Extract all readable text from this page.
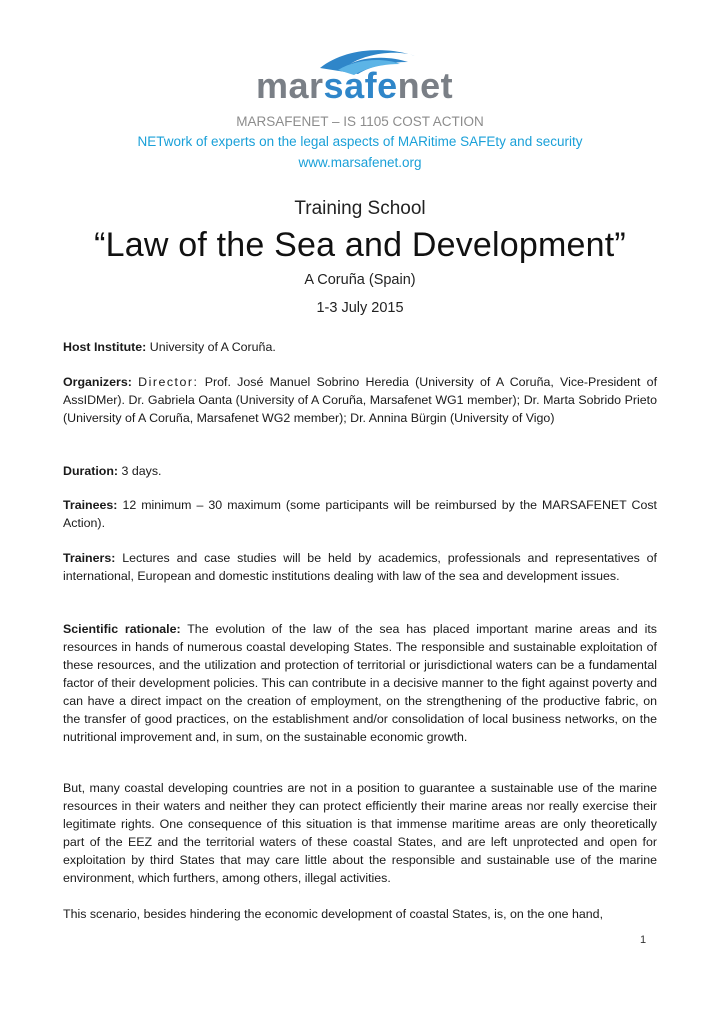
marsafenet
MARSAFENET – IS 1105 COST ACTION
NETwork of experts on the legal aspects of MARitime SAFEty and security
www.marsafenet.org
Training School
“Law of the Sea and Development”
A Coruña (Spain)
1-3 July 2015
Host Institute: University of A Coruña.
Organizers: Director: Prof. José Manuel Sobrino Heredia (University of A Coruña, Vice-President of AssIDMer). Dr. Gabriela Oanta (University of A Coruña, Marsafenet WG1 member); Dr. Marta Sobrido Prieto (University of A Coruña, Marsafenet WG2 member); Dr. Annina Bürgin (University of Vigo)
Duration: 3 days.
Trainees: 12 minimum – 30 maximum (some participants will be reimbursed by the MARSAFENET Cost Action).
Trainers: Lectures and case studies will be held by academics, professionals and representatives of international, European and domestic institutions dealing with law of the sea and development issues.
Scientific rationale: The evolution of the law of the sea has placed important marine areas and its resources in hands of numerous coastal developing States. The responsible and sustainable exploitation of these resources, and the utilization and protection of territorial or jurisdictional waters can be a fundamental factor of their development policies. This can contribute in a decisive manner to the fight against poverty and can have a direct impact on the creation of employment, on the strengthening of the productive fabric, on the transfer of good practices, on the establishment and/or consolidation of local business networks, on the nutritional improvement and, in sum, on the sustainable economic growth.
But, many coastal developing countries are not in a position to guarantee a sustainable use of the marine resources in their waters and neither they can protect efficiently their marine areas nor really exercise their legitimate rights. One consequence of this situation is that immense maritime areas are only theoretically part of the EEZ and the territorial waters of these coastal States, and are left unprotected and open for exploitation by third States that may care little about the responsible and sustainable use of the marine environment, which furthers, among others, illegal activities.
This scenario, besides hindering the economic development of coastal States, is, on the one hand,
1
